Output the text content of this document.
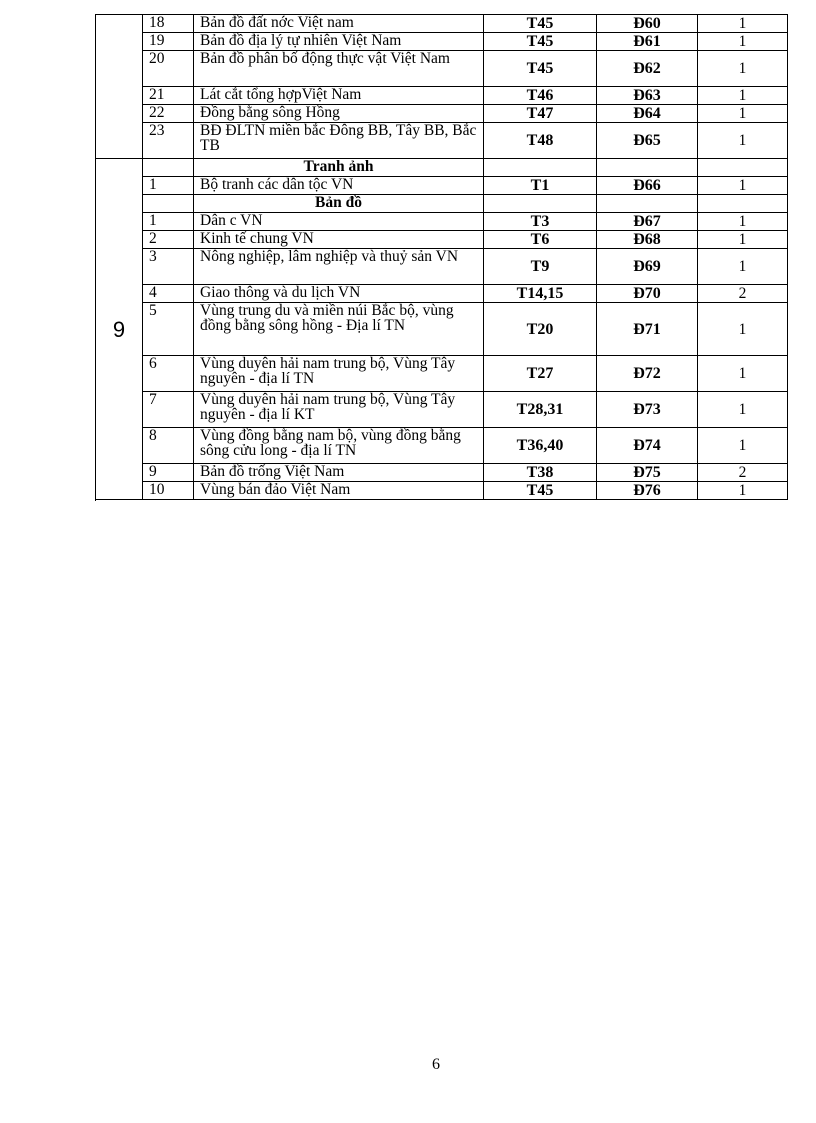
	18	Bản đồ đất nớc Việt nam	T45	Đ60	1
	19	Bản đồ địa lý tự nhiên Việt Nam	T45	Đ61	1
	20	Bản đồ phân bố động thực vật Việt Nam	T45	Đ62	1
	21	Lát cắt tổng hợpViệt Nam	T46	Đ63	1
	22	Đồng bằng sông Hồng	T47	Đ64	1
	23	BĐ ĐLTN miền bắc Đông BB, Tây BB, Bắc TB	T48	Đ65	1

9		Tranh ảnh			
	1	Bộ tranh các dân tộc VN	T1	Đ66	1
		Bản đồ			
	1	Dân c VN	T3	Đ67	1
	2	Kinh tế chung VN	T6	Đ68	1
	3	Nông nghiệp, lâm nghiệp và thuỷ sản VN	T9	Đ69	1
	4	Giao thông và du lịch VN	T14,15	Đ70	2
	5	Vùng trung du và miền núi Bắc bộ, vùng đồng bằng sông hồng - Địa lí TN	T20	Đ71	1
	6	Vùng duyên hải nam trung bộ, Vùng Tây nguyên - địa lí TN	T27	Đ72	1
	7	Vùng duyên hải nam trung bộ, Vùng Tây nguyên - địa lí KT	T28,31	Đ73	1
	8	Vùng đồng bằng nam bộ, vùng đồng bằng sông cửu long - địa lí TN	T36,40	Đ74	1
	9	Bản đồ trống Việt Nam	T38	Đ75	2
	10	Vùng bán đảo Việt Nam	T45	Đ76	1

6
